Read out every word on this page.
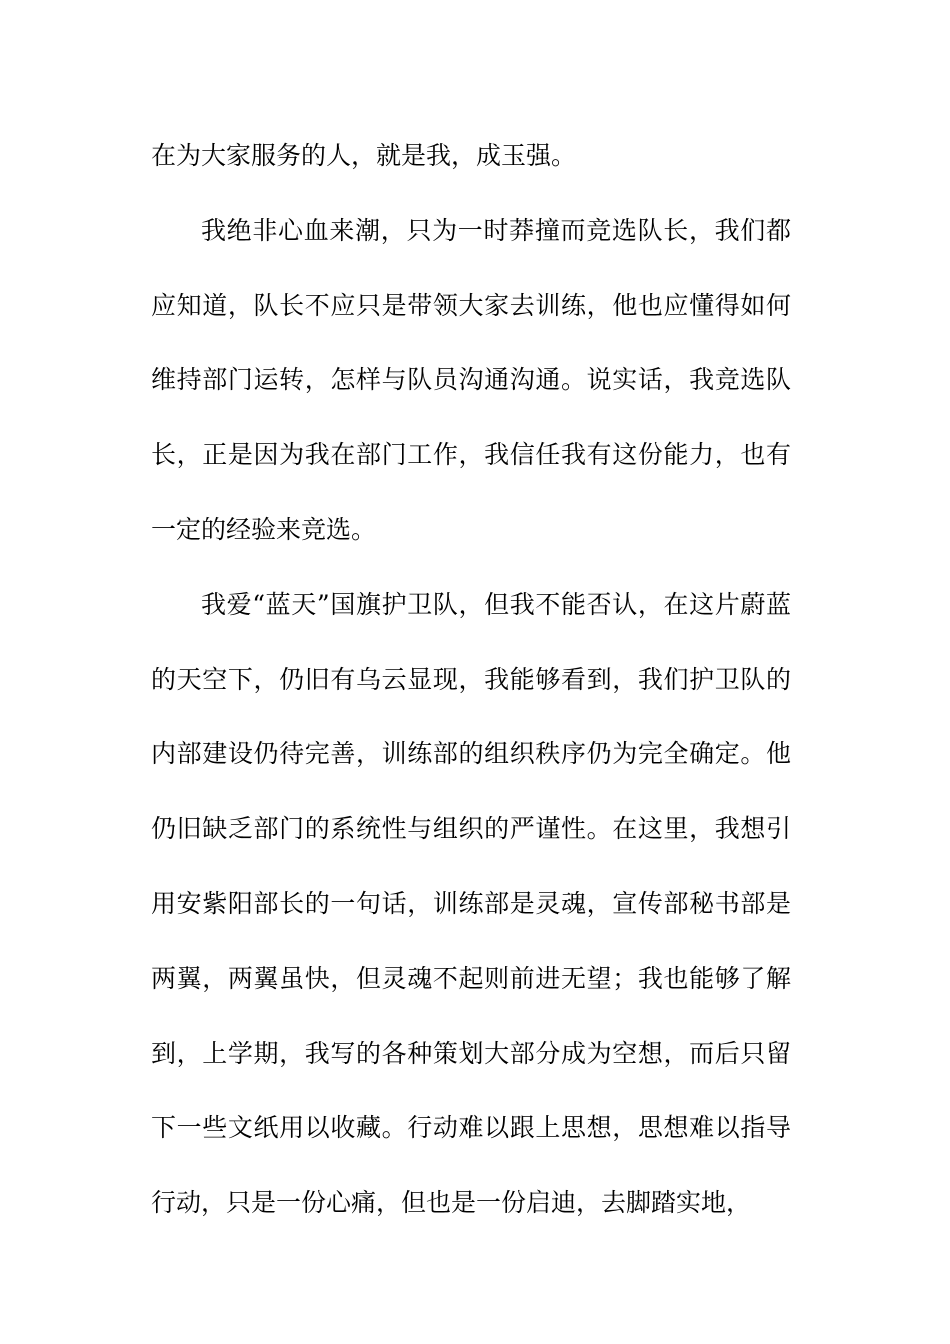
在为大家服务的人，就是我，成玉强。

我绝非心血来潮，只为一时莽撞而竞选队长，我们都应知道，队长不应只是带领大家去训练，他也应懂得如何维持部门运转，怎样与队员沟通沟通。说实话，我竞选队长，正是因为我在部门工作，我信任我有这份能力，也有一定的经验来竞选。

我爱“蓝天”国旗护卫队，但我不能否认，在这片蔚蓝的天空下，仍旧有乌云显现，我能够看到，我们护卫队的内部建设仍待完善，训练部的组织秩序仍为完全确定。他仍旧缺乏部门的系统性与组织的严谨性。在这里，我想引用安紫阳部长的一句话，训练部是灵魂，宣传部秘书部是两翼，两翼虽快，但灵魂不起则前进无望；我也能够了解到，上学期，我写的各种策划大部分成为空想，而后只留下一些文纸用以收藏。行动难以跟上思想，思想难以指导行动，只是一份心痛，但也是一份启迪，去脚踏实地，
